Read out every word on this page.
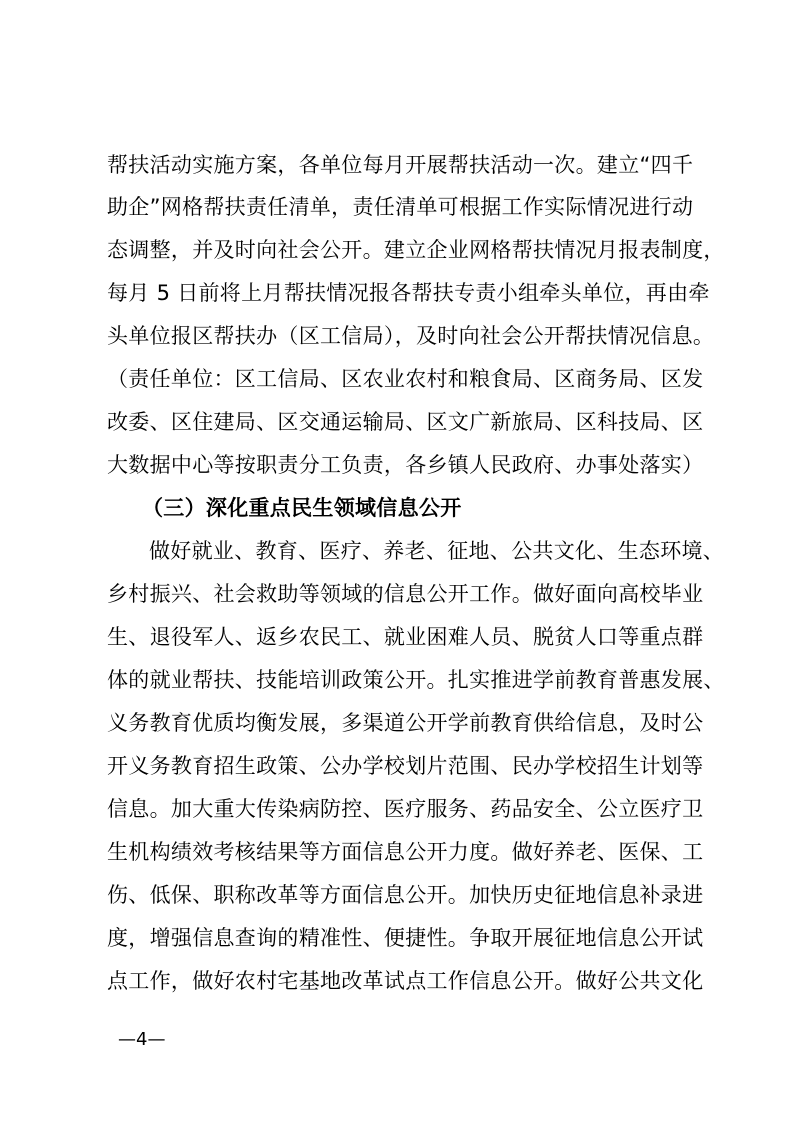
帮扶活动实施方案，各单位每月开展帮扶活动一次。建立“四千
助企”网格帮扶责任清单，责任清单可根据工作实际情况进行动
态调整，并及时向社会公开。建立企业网格帮扶情况月报表制度，
每月 5 日前将上月帮扶情况报各帮扶专责小组牵头单位，再由牵
头单位报区帮扶办（区工信局），及时向社会公开帮扶情况信息。
（责任单位：区工信局、区农业农村和粮食局、区商务局、区发
改委、区住建局、区交通运输局、区文广新旅局、区科技局、区
大数据中心等按职责分工负责，各乡镇人民政府、办事处落实）
（三）深化重点民生领域信息公开
做好就业、教育、医疗、养老、征地、公共文化、生态环境、
乡村振兴、社会救助等领域的信息公开工作。做好面向高校毕业
生、退役军人、返乡农民工、就业困难人员、脱贫人口等重点群
体的就业帮扶、技能培训政策公开。扎实推进学前教育普惠发展、
义务教育优质均衡发展，多渠道公开学前教育供给信息，及时公
开义务教育招生政策、公办学校划片范围、民办学校招生计划等
信息。加大重大传染病防控、医疗服务、药品安全、公立医疗卫
生机构绩效考核结果等方面信息公开力度。做好养老、医保、工
伤、低保、职称改革等方面信息公开。加快历史征地信息补录进
度，增强信息查询的精准性、便捷性。争取开展征地信息公开试
点工作，做好农村宅基地改革试点工作信息公开。做好公共文化
—4—
